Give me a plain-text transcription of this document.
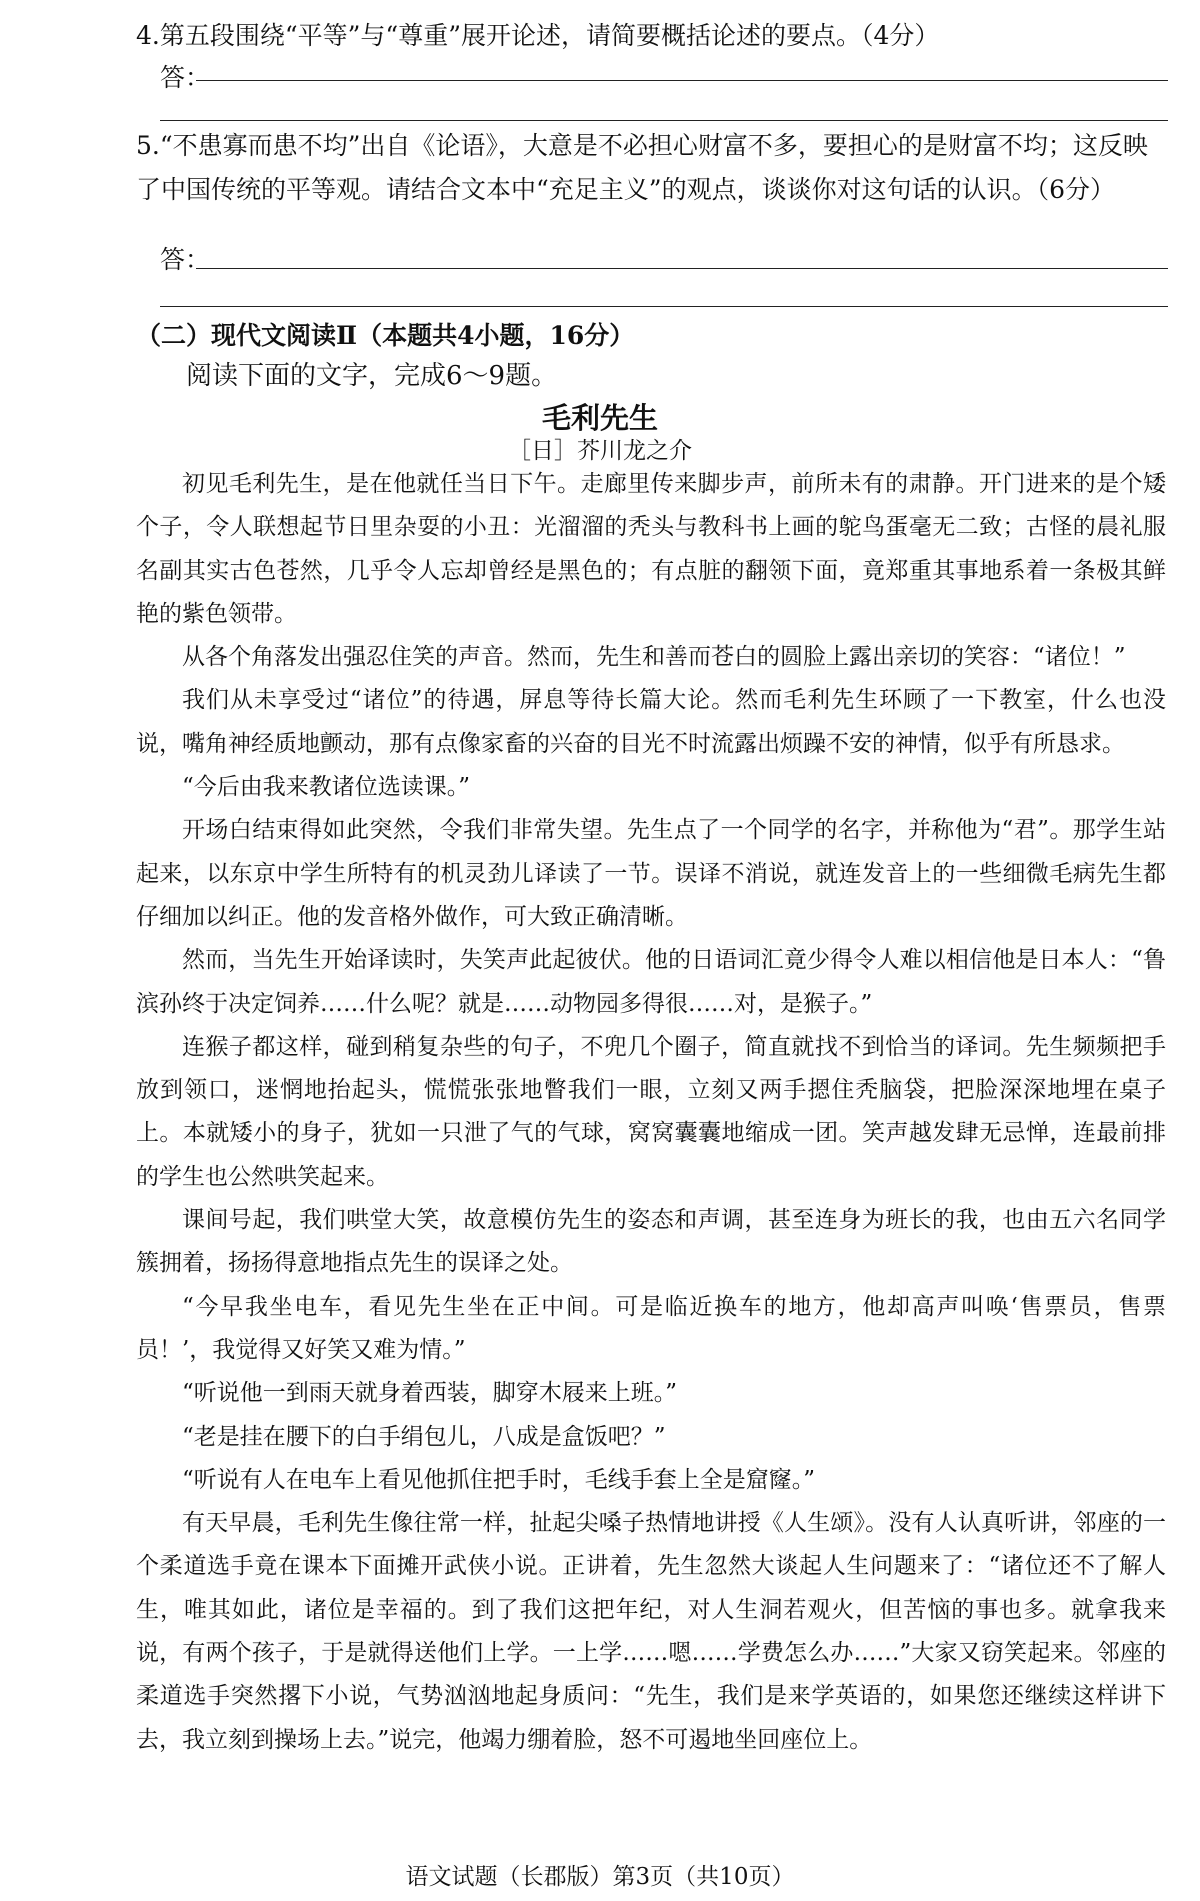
4.第五段围绕“平等”与“尊重”展开论述，请简要概括论述的要点。（4分）
答：
5.“不患寡而患不均”出自《论语》，大意是不必担心财富不多，要担心的是财富不均；这反映了中国传统的平等观。请结合文本中“充足主义”的观点，谈谈你对这句话的认识。（6分）
答：
（二）现代文阅读Ⅱ（本题共4小题，16分）
阅读下面的文字，完成6～9题。
毛利先生
［日］芥川龙之介

初见毛利先生，是在他就任当日下午。走廊里传来脚步声，前所未有的肃静。开门进来的是个矮个子，令人联想起节日里杂耍的小丑：光溜溜的秃头与教科书上画的鸵鸟蛋毫无二致；古怪的晨礼服名副其实古色苍然，几乎令人忘却曾经是黑色的；有点脏的翻领下面，竟郑重其事地系着一条极其鲜艳的紫色领带。

从各个角落发出强忍住笑的声音。然而，先生和善而苍白的圆脸上露出亲切的笑容：“诸位！”

我们从未享受过“诸位”的待遇，屏息等待长篇大论。然而毛利先生环顾了一下教室，什么也没说，嘴角神经质地颤动，那有点像家畜的兴奋的目光不时流露出烦躁不安的神情，似乎有所恳求。

“今后由我来教诸位选读课。”

开场白结束得如此突然，令我们非常失望。先生点了一个同学的名字，并称他为“君”。那学生站起来，以东京中学生所特有的机灵劲儿译读了一节。误译不消说，就连发音上的一些细微毛病先生都仔细加以纠正。他的发音格外做作，可大致正确清晰。

然而，当先生开始译读时，失笑声此起彼伏。他的日语词汇竟少得令人难以相信他是日本人：“鲁滨孙终于决定饲养……什么呢？就是……动物园多得很……对，是猴子。”

连猴子都这样，碰到稍复杂些的句子，不兜几个圈子，简直就找不到恰当的译词。先生频频把手放到领口，迷惘地抬起头，慌慌张张地瞥我们一眼，立刻又两手摁住秃脑袋，把脸深深地埋在桌子上。本就矮小的身子，犹如一只泄了气的气球，窝窝囊囊地缩成一团。笑声越发肆无忌惮，连最前排的学生也公然哄笑起来。

课间号起，我们哄堂大笑，故意模仿先生的姿态和声调，甚至连身为班长的我，也由五六名同学簇拥着，扬扬得意地指点先生的误译之处。

“今早我坐电车，看见先生坐在正中间。可是临近换车的地方，他却高声叫唤‘售票员，售票员！’，我觉得又好笑又难为情。”

“听说他一到雨天就身着西装，脚穿木屐来上班。”

“老是挂在腰下的白手绢包儿，八成是盒饭吧？”

“听说有人在电车上看见他抓住把手时，毛线手套上全是窟窿。”

有天早晨，毛利先生像往常一样，扯起尖嗓子热情地讲授《人生颂》。没有人认真听讲，邻座的一个柔道选手竟在课本下面摊开武侠小说。正讲着，先生忽然大谈起人生问题来了：“诸位还不了解人生，唯其如此，诸位是幸福的。到了我们这把年纪，对人生洞若观火，但苦恼的事也多。就拿我来说，有两个孩子，于是就得送他们上学。一上学……嗯……学费怎么办……”大家又窃笑起来。邻座的柔道选手突然撂下小说，气势汹汹地起身质问：“先生，我们是来学英语的，如果您还继续这样讲下去，我立刻到操场上去。”说完，他竭力绷着脸，怒不可遏地坐回座位上。

语文试题（长郡版）第3页（共10页）
